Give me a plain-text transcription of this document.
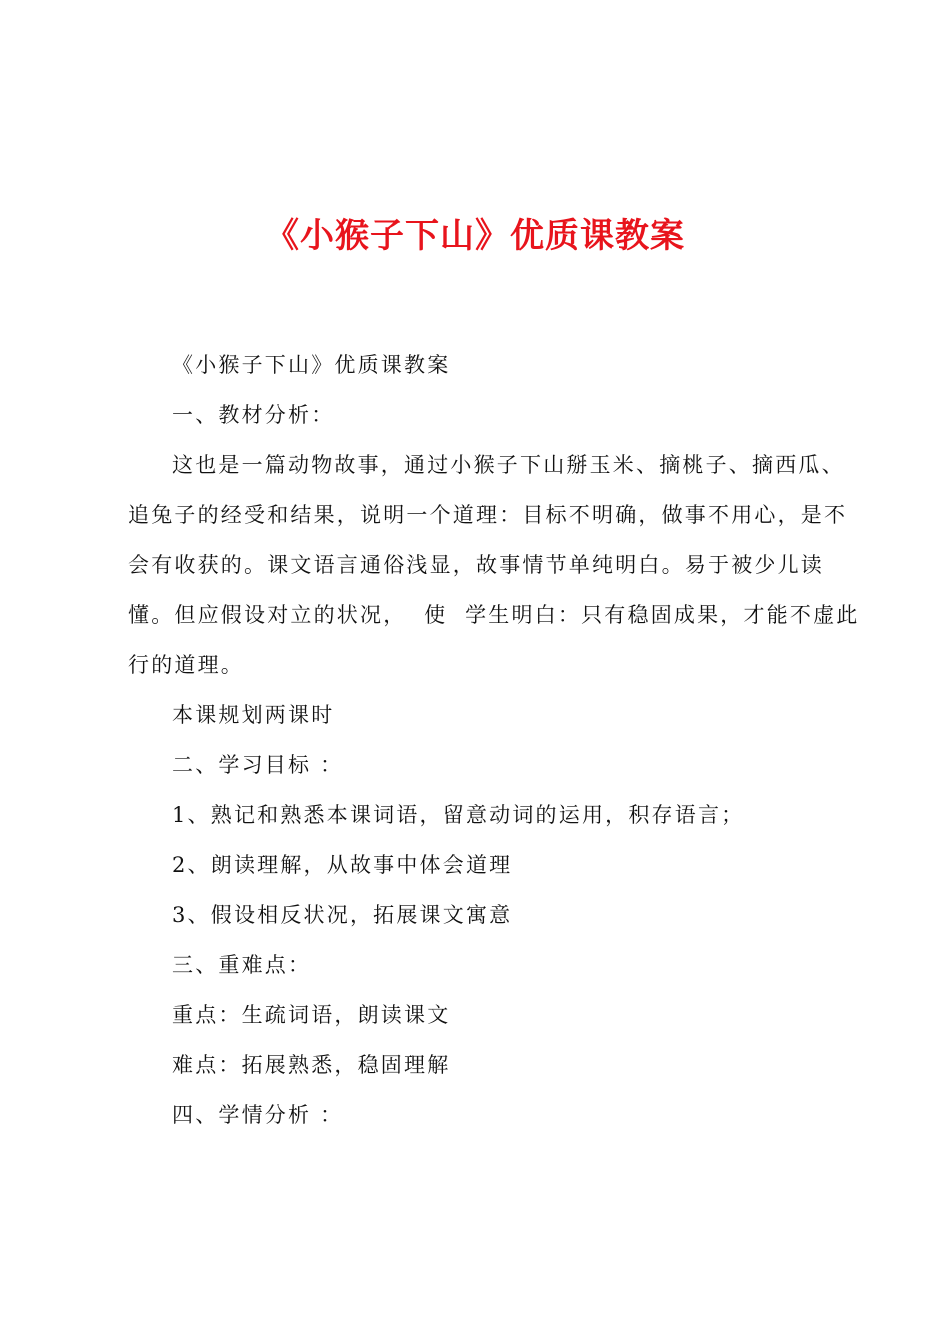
《小猴子下山》优质课教案

《小猴子下山》优质课教案

一、教材分析：

这也是一篇动物故事，通过小猴子下山掰玉米、摘桃子、摘西瓜、

追兔子的经受和结果，说明一个道理：目标不明确，做事不用心，是不

会有收获的。课文语言通俗浅显，故事情节单纯明白。易于被少儿读

懂。但应假设对立的状况，  使  学生明白：只有稳固成果，才能不虚此

行的道理。

本课规划两课时

二、学习目标 ：

1、熟记和熟悉本课词语，留意动词的运用，积存语言；

2、朗读理解，从故事中体会道理

3、假设相反状况，拓展课文寓意

三、重难点：

重点：生疏词语，朗读课文

难点：拓展熟悉，稳固理解

四、学情分析 ：
